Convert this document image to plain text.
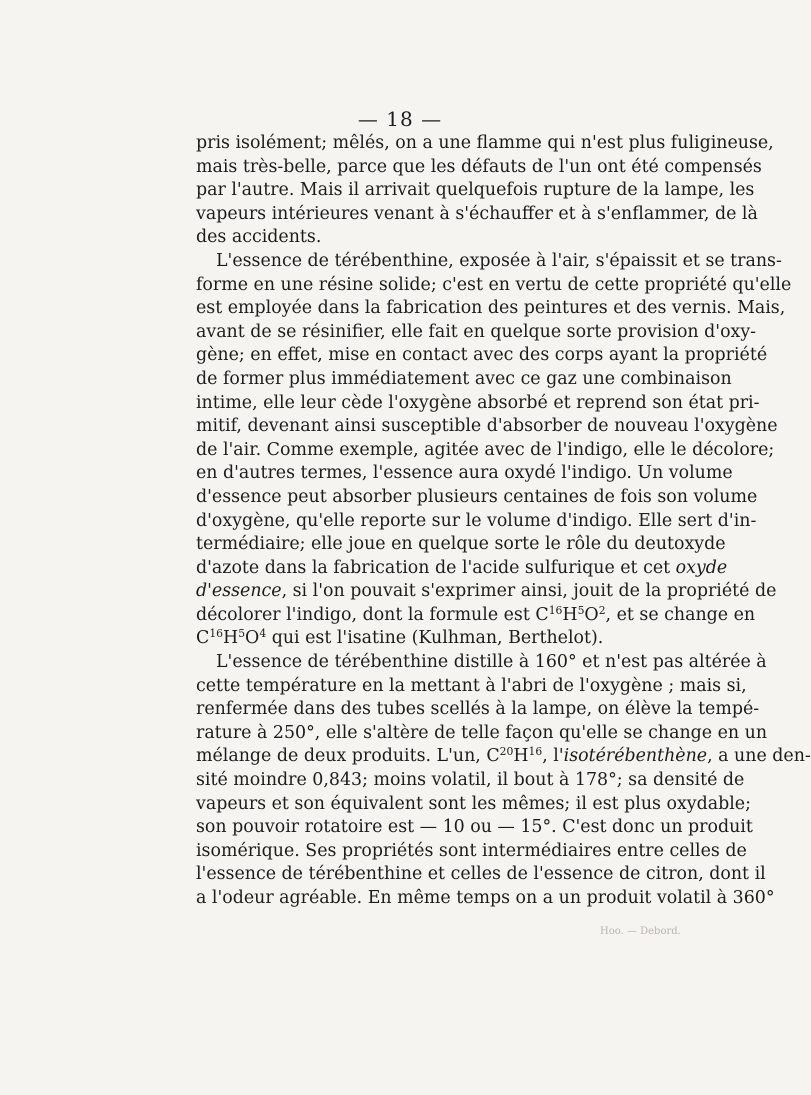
— 18 —
pris isolément; mêlés, on a une flamme qui n'est plus fuligineuse,
mais très-belle, parce que les défauts de l'un ont été compensés
par l'autre. Mais il arrivait quelquefois rupture de la lampe, les
vapeurs intérieures venant à s'échauffer et à s'enflammer, de là
des accidents.
L'essence de térébenthine, exposée à l'air, s'épaissit et se trans-
forme en une résine solide; c'est en vertu de cette propriété qu'elle
est employée dans la fabrication des peintures et des vernis. Mais,
avant de se résinifier, elle fait en quelque sorte provision d'oxy-
gène; en effet, mise en contact avec des corps ayant la propriété
de former plus immédiatement avec ce gaz une combinaison
intime, elle leur cède l'oxygène absorbé et reprend son état pri-
mitif, devenant ainsi susceptible d'absorber de nouveau l'oxygène
de l'air. Comme exemple, agitée avec de l'indigo, elle le décolore;
en d'autres termes, l'essence aura oxydé l'indigo. Un volume
d'essence peut absorber plusieurs centaines de fois son volume
d'oxygène, qu'elle reporte sur le volume d'indigo. Elle sert d'in-
termédiaire; elle joue en quelque sorte le rôle du deutoxyde
d'azote dans la fabrication de l'acide sulfurique et cet oxyde
d'essence, si l'on pouvait s'exprimer ainsi, jouit de la propriété de
décolorer l'indigo, dont la formule est $C^{16}H^5O^2$, et se change en
$C^{16}H^5O^4$ qui est l'isatine (Kulhman, Berthelot).
L'essence de térébenthine distille à 160° et n'est pas altérée à
cette température en la mettant à l'abri de l'oxygène ; mais si,
renfermée dans des tubes scellés à la lampe, on élève la tempé-
rature à 250°, elle s'altère de telle façon qu'elle se change en un
mélange de deux produits. L'un, $C^{20}H^{16}$, l'isotérébenthène, a une den-
sité moindre 0,843; moins volatil, il bout à 178°; sa densité de
vapeurs et son équivalent sont les mêmes; il est plus oxydable;
son pouvoir rotatoire est — 10 ou — 15°. C'est donc un produit
isomérique. Ses propriétés sont intermédiaires entre celles de
l'essence de térébenthine et celles de l'essence de citron, dont il
a l'odeur agréable. En même temps on a un produit volatil à 360°
Hoo. — Debord.
